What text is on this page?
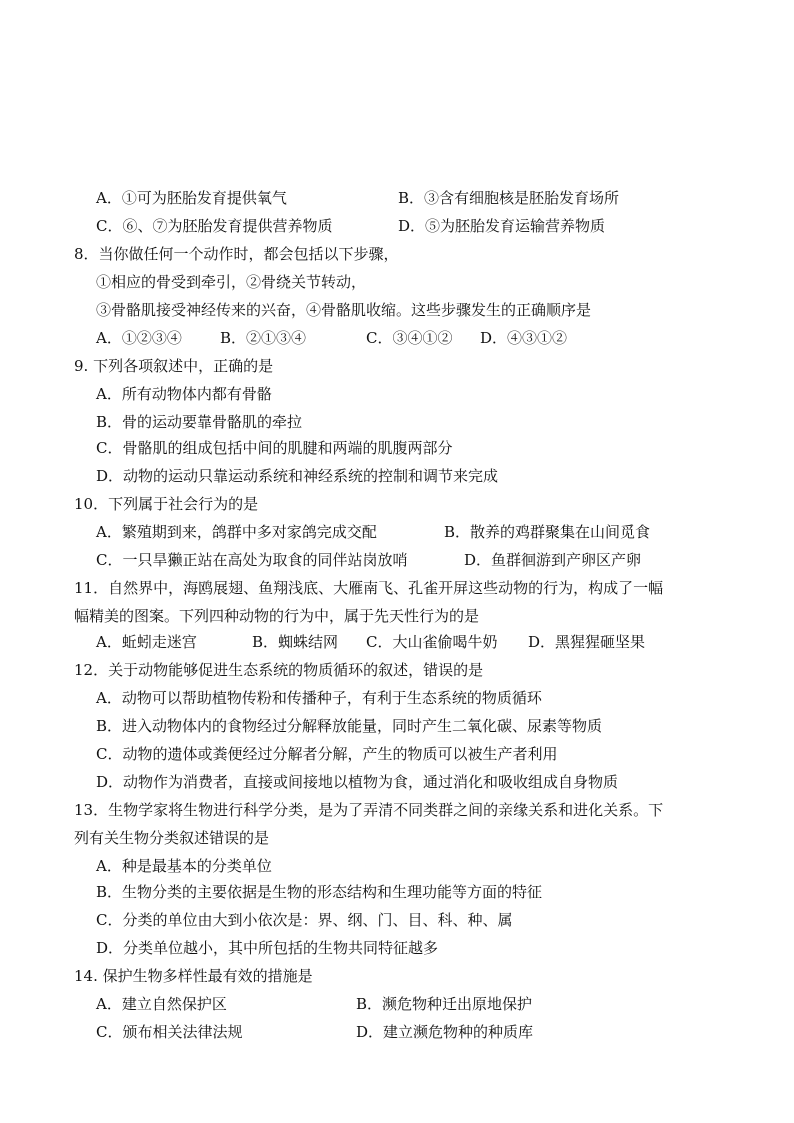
A．①可为胚胎发育提供氧气	B．③含有细胞核是胚胎发育场所
C．⑥、⑦为胚胎发育提供营养物质	D．⑤为胚胎发育运输营养物质
8．当你做任何一个动作时，都会包括以下步骤，
①相应的骨受到牵引，②骨绕关节转动，
③骨骼肌接受神经传来的兴奋，④骨骼肌收缩。这些步骤发生的正确顺序是
A．①②③④	B．②①③④	C．③④①② D．④③①②
9. 下列各项叙述中，正确的是
A．所有动物体内都有骨骼
B．骨的运动要靠骨骼肌的牵拉
C．骨骼肌的组成包括中间的肌腱和两端的肌腹两部分
D．动物的运动只靠运动系统和神经系统的控制和调节来完成
10．下列属于社会行为的是
A．繁殖期到来，鸽群中多对家鸽完成交配	B．散养的鸡群聚集在山间觅食
C．一只旱獭正站在高处为取食的同伴站岗放哨	D．鱼群徊游到产卵区产卵
11．自然界中，海鸥展翅、鱼翔浅底、大雁南飞、孔雀开屏这些动物的行为，构成了一幅
幅精美的图案。下列四种动物的行为中，属于先天性行为的是
A．蚯蚓走迷宫	B．蜘蛛结网 C．大山雀偷喝牛奶 D．黑猩猩砸坚果
12．关于动物能够促进生态系统的物质循环的叙述，错误的是
A．动物可以帮助植物传粉和传播种子，有利于生态系统的物质循环
B．进入动物体内的食物经过分解释放能量，同时产生二氧化碳、尿素等物质
C．动物的遗体或粪便经过分解者分解，产生的物质可以被生产者利用
D．动物作为消费者，直接或间接地以植物为食，通过消化和吸收组成自身物质
13．生物学家将生物进行科学分类，是为了弄清不同类群之间的亲缘关系和进化关系。下
列有关生物分类叙述错误的是
A．种是最基本的分类单位
B．生物分类的主要依据是生物的形态结构和生理功能等方面的特征
C．分类的单位由大到小依次是：界、纲、门、目、科、种、属
D．分类单位越小，其中所包括的生物共同特征越多
14. 保护生物多样性最有效的措施是
A．建立自然保护区	B．濒危物种迁出原地保护
C．颁布相关法律法规	D．建立濒危物种的种质库
